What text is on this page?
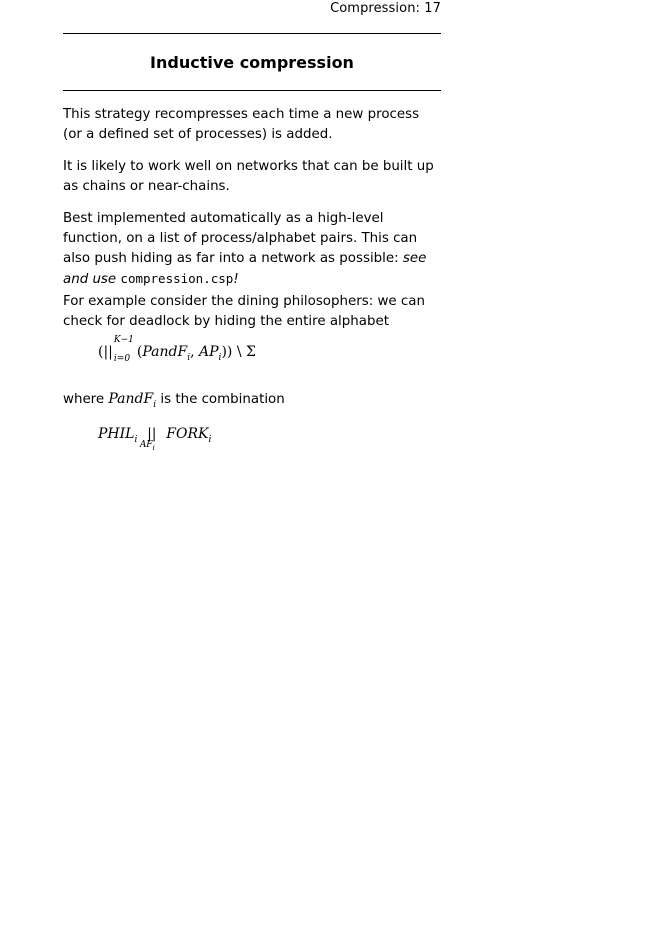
Compression: 17
Inductive compression
This strategy recompresses each time a new process (or a defined set of processes) is added.
It is likely to work well on networks that can be built up as chains or near-chains.
Best implemented automatically as a high-level function, on a list of process/alphabet pairs. This can also push hiding as far into a network as possible: see and use compression.csp!
For example consider the dining philosophers: we can check for deadlock by hiding the entire alphabet
(||
K−1
i=0 (PandF$_i$, $AP_i$)) \ Σ
where PandF$_i$ is the combination
$PHIL_i$ ||
$AF_i$
$FORK_i$
